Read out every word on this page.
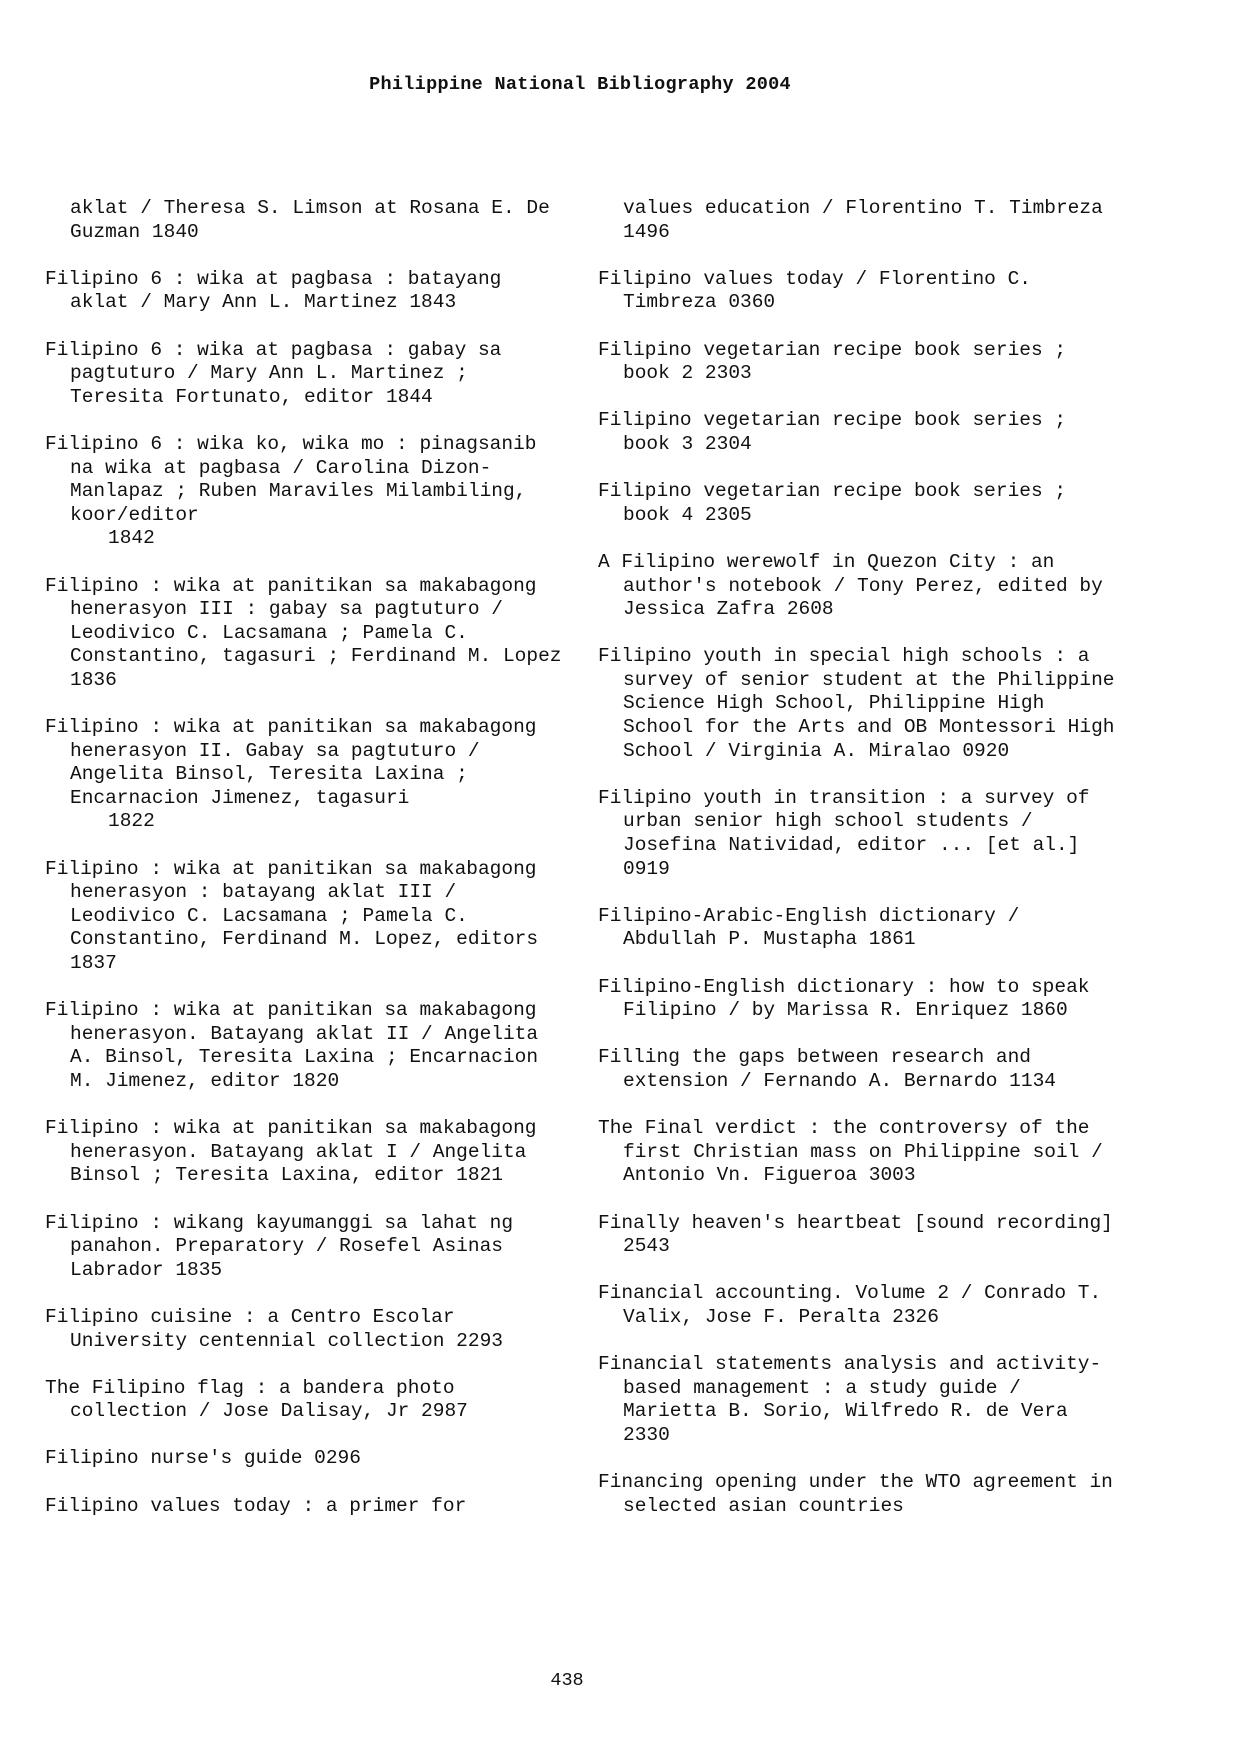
Philippine National Bibliography 2004
aklat / Theresa S. Limson at Rosana E. De Guzman 1840
Filipino 6 : wika at pagbasa : batayang aklat / Mary Ann L. Martinez 1843
Filipino 6 : wika at pagbasa : gabay sa pagtuturo / Mary Ann L. Martinez ; Teresita Fortunato, editor 1844
Filipino 6 : wika ko, wika mo : pinagsanib na wika at pagbasa / Carolina Dizon-Manlapaz ; Ruben Maraviles Milambiling, koor/editor
1842
Filipino : wika at panitikan sa makabagong henerasyon III : gabay sa pagtuturo / Leodivico C. Lacsamana ; Pamela C. Constantino, tagasuri ; Ferdinand M. Lopez 1836
Filipino : wika at panitikan sa makabagong henerasyon II. Gabay sa pagtuturo / Angelita Binsol, Teresita Laxina ; Encarnacion Jimenez, tagasuri
1822
Filipino : wika at panitikan sa makabagong henerasyon : batayang aklat III / Leodivico C. Lacsamana ; Pamela C. Constantino, Ferdinand M. Lopez, editors 1837
Filipino : wika at panitikan sa makabagong henerasyon. Batayang aklat II / Angelita A. Binsol, Teresita Laxina ; Encarnacion M. Jimenez, editor 1820
Filipino : wika at panitikan sa makabagong henerasyon. Batayang aklat I / Angelita Binsol ; Teresita Laxina, editor 1821
Filipino : wikang kayumanggi sa lahat ng panahon. Preparatory / Rosefel Asinas Labrador 1835
Filipino cuisine : a Centro Escolar University centennial collection 2293
The Filipino flag : a bandera photo collection / Jose Dalisay, Jr 2987
Filipino nurse's guide 0296
Filipino values today : a primer for
values education / Florentino T. Timbreza 1496
Filipino values today / Florentino C. Timbreza 0360
Filipino vegetarian recipe book series ; book 2 2303
Filipino vegetarian recipe book series ; book 3 2304
Filipino vegetarian recipe book series ; book 4 2305
A Filipino werewolf in Quezon City : an author's notebook / Tony Perez, edited by Jessica Zafra 2608
Filipino youth in special high schools : a survey of senior student at the Philippine Science High School, Philippine High School for the Arts and OB Montessori High School / Virginia A. Miralao 0920
Filipino youth in transition : a survey of urban senior high school students / Josefina Natividad, editor ... [et al.] 0919
Filipino-Arabic-English dictionary / Abdullah P. Mustapha 1861
Filipino-English dictionary : how to speak Filipino / by Marissa R. Enriquez 1860
Filling the gaps between research and extension / Fernando A. Bernardo 1134
The Final verdict : the controversy of the first Christian mass on Philippine soil / Antonio Vn. Figueroa 3003
Finally heaven's heartbeat [sound recording] 2543
Financial accounting. Volume 2 / Conrado T. Valix, Jose F. Peralta 2326
Financial statements analysis and activity-based management : a study guide / Marietta B. Sorio, Wilfredo R. de Vera 2330
Financing opening under the WTO agreement in selected asian countries
438
